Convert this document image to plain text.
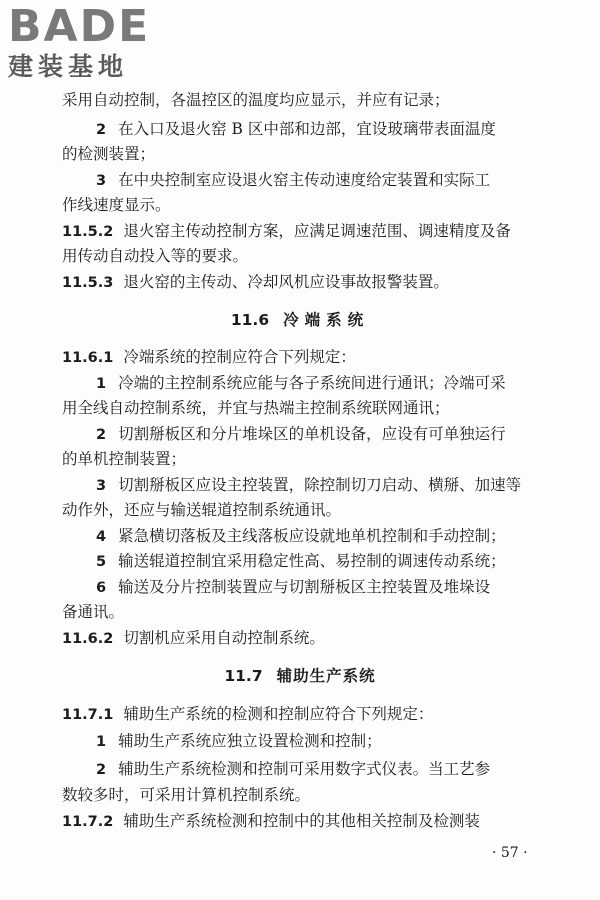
BADE
建装基地
采用自动控制，各温控区的温度均应显示，并应有记录；
2 在入口及退火窑 B 区中部和边部，宜设玻璃带表面温度
的检测装置；
3 在中央控制室应设退火窑主传动速度给定装置和实际工
作线速度显示。
11.5.2 退火窑主传动控制方案，应满足调速范围、调速精度及备
用传动自动投入等的要求。
11.5.3 退火窑的主传动、冷却风机应设事故报警装置。
11.6 冷端系统
11.6.1 冷端系统的控制应符合下列规定：
1 冷端的主控制系统应能与各子系统间进行通讯；冷端可采
用全线自动控制系统，并宜与热端主控制系统联网通讯；
2 切割掰板区和分片堆垛区的单机设备，应设有可单独运行
的单机控制装置；
3 切割掰板区应设主控装置，除控制切刀启动、横掰、加速等
动作外，还应与输送辊道控制系统通讯。
4 紧急横切落板及主线落板应设就地单机控制和手动控制；
5 输送辊道控制宜采用稳定性高、易控制的调速传动系统；
6 输送及分片控制装置应与切割掰板区主控装置及堆垛设
备通讯。
11.6.2 切割机应采用自动控制系统。
11.7 辅助生产系统
11.7.1 辅助生产系统的检测和控制应符合下列规定：
1 辅助生产系统应独立设置检测和控制；
2 辅助生产系统检测和控制可采用数字式仪表。当工艺参
数较多时，可采用计算机控制系统。
11.7.2 辅助生产系统检测和控制中的其他相关控制及检测装
· 57 ·
